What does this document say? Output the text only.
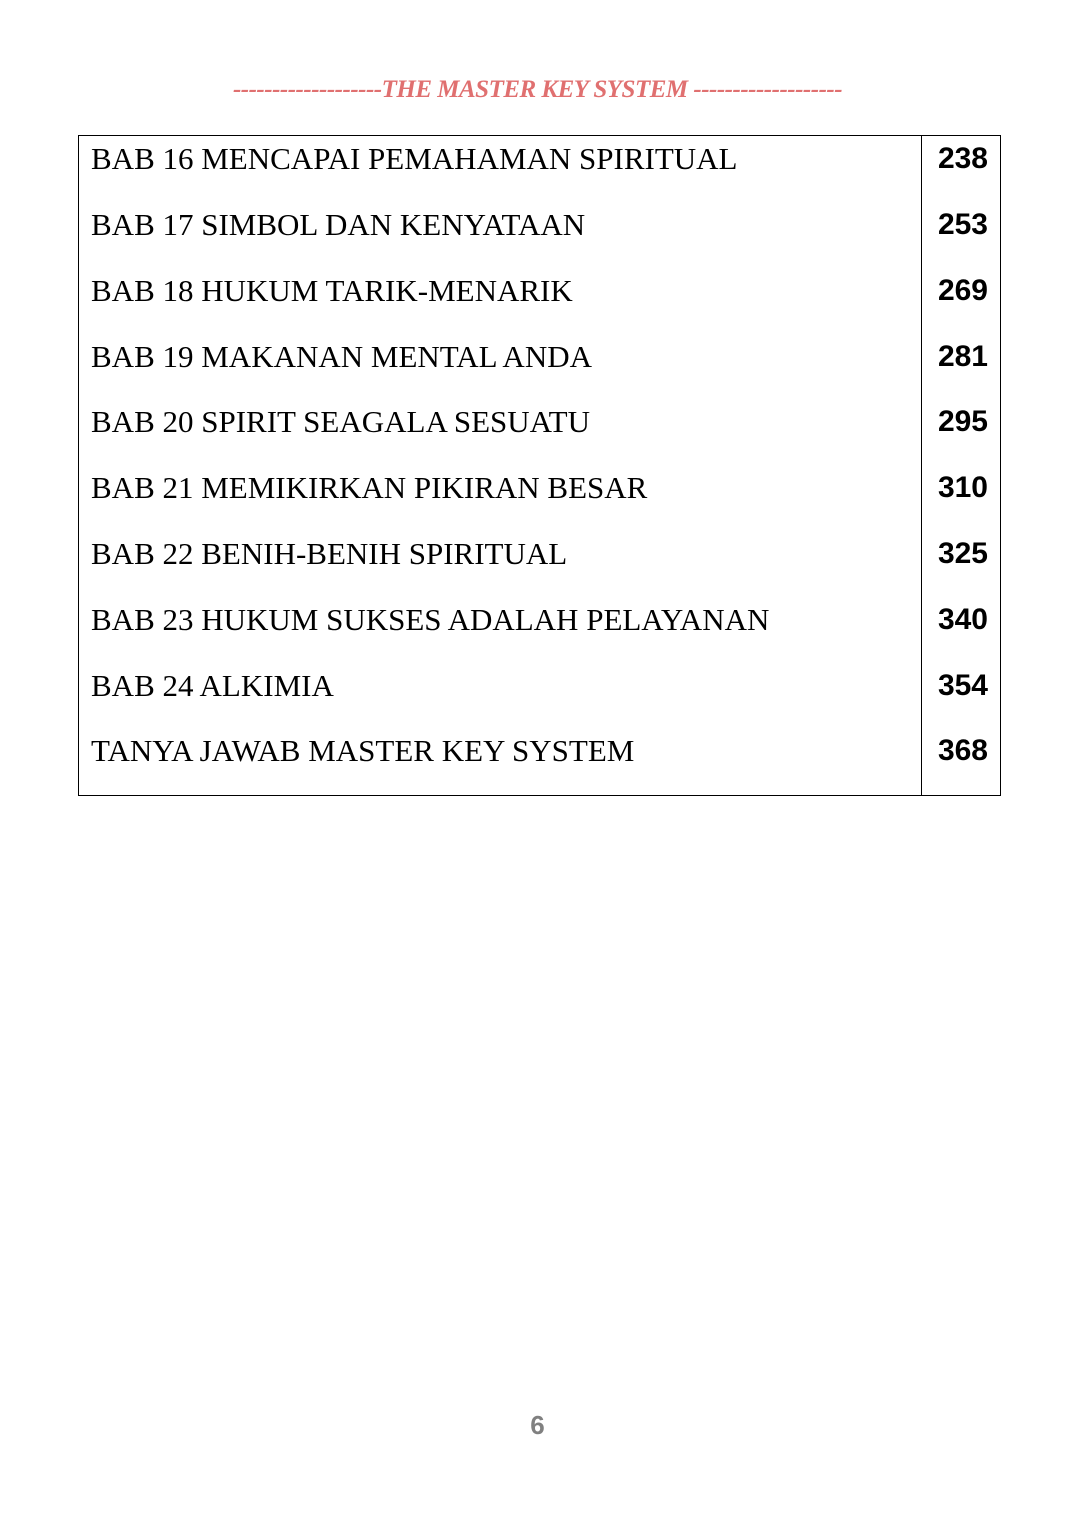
-------------------THE MASTER KEY SYSTEM -------------------
BAB 16 MENCAPAI PEMAHAMAN SPIRITUAL	238
BAB 17 SIMBOL DAN KENYATAAN	253
BAB 18 HUKUM TARIK-MENARIK	269
BAB 19 MAKANAN MENTAL ANDA	281
BAB 20 SPIRIT SEAGALA SESUATU	295
BAB 21 MEMIKIRKAN PIKIRAN BESAR	310
BAB 22 BENIH-BENIH SPIRITUAL	325
BAB 23 HUKUM SUKSES ADALAH PELAYANAN	340
BAB 24 ALKIMIA	354
TANYA JAWAB MASTER KEY SYSTEM	368
6
